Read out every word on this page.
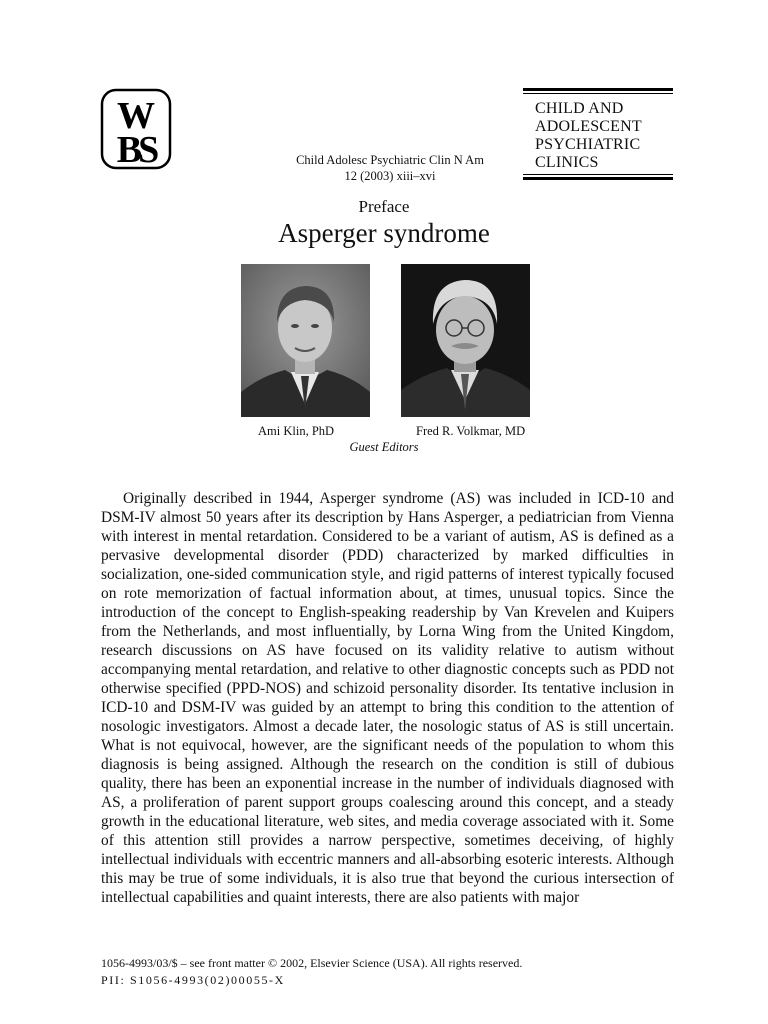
W
BS	Child Adolesc Psychiatric Clin N Am
12 (2003) xiii–xvi
CHILD AND
ADOLESCENT
PSYCHIATRIC
CLINICS
Preface
Asperger syndrome
Ami Klin, PhD	Fred R. Volkmar, MD
Guest Editors

Originally described in 1944, Asperger syndrome (AS) was included in ICD-10 and DSM-IV almost 50 years after its description by Hans Asperger, a pediatrician from Vienna with interest in mental retardation. Considered to be a variant of autism, AS is defined as a pervasive developmental disorder (PDD) characterized by marked difficulties in socialization, one-sided communication style, and rigid patterns of interest typically focused on rote memorization of factual information about, at times, unusual topics. Since the introduction of the concept to English-speaking readership by Van Krevelen and Kuipers from the Netherlands, and most influentially, by Lorna Wing from the United Kingdom, research discussions on AS have focused on its validity relative to autism without accompanying mental retardation, and relative to other diagnostic concepts such as PDD not otherwise specified (PPD-NOS) and schizoid personality disorder. Its tentative inclusion in ICD-10 and DSM-IV was guided by an attempt to bring this condition to the attention of nosologic investigators. Almost a decade later, the nosologic status of AS is still uncertain. What is not equivocal, however, are the significant needs of the population to whom this diagnosis is being assigned. Although the research on the condition is still of dubious quality, there has been an exponential increase in the number of individuals diagnosed with AS, a proliferation of parent support groups coalescing around this concept, and a steady growth in the educational literature, web sites, and media coverage associated with it. Some of this attention still provides a narrow perspective, sometimes deceiving, of highly intellectual individuals with eccentric manners and all-absorbing esoteric interests. Although this may be true of some individuals, it is also true that beyond the curious intersection of intellectual capabilities and quaint interests, there are also patients with major

1056-4993/03/$ – see front matter © 2002, Elsevier Science (USA). All rights reserved.
PII: S1056-4993(02)00055-X
